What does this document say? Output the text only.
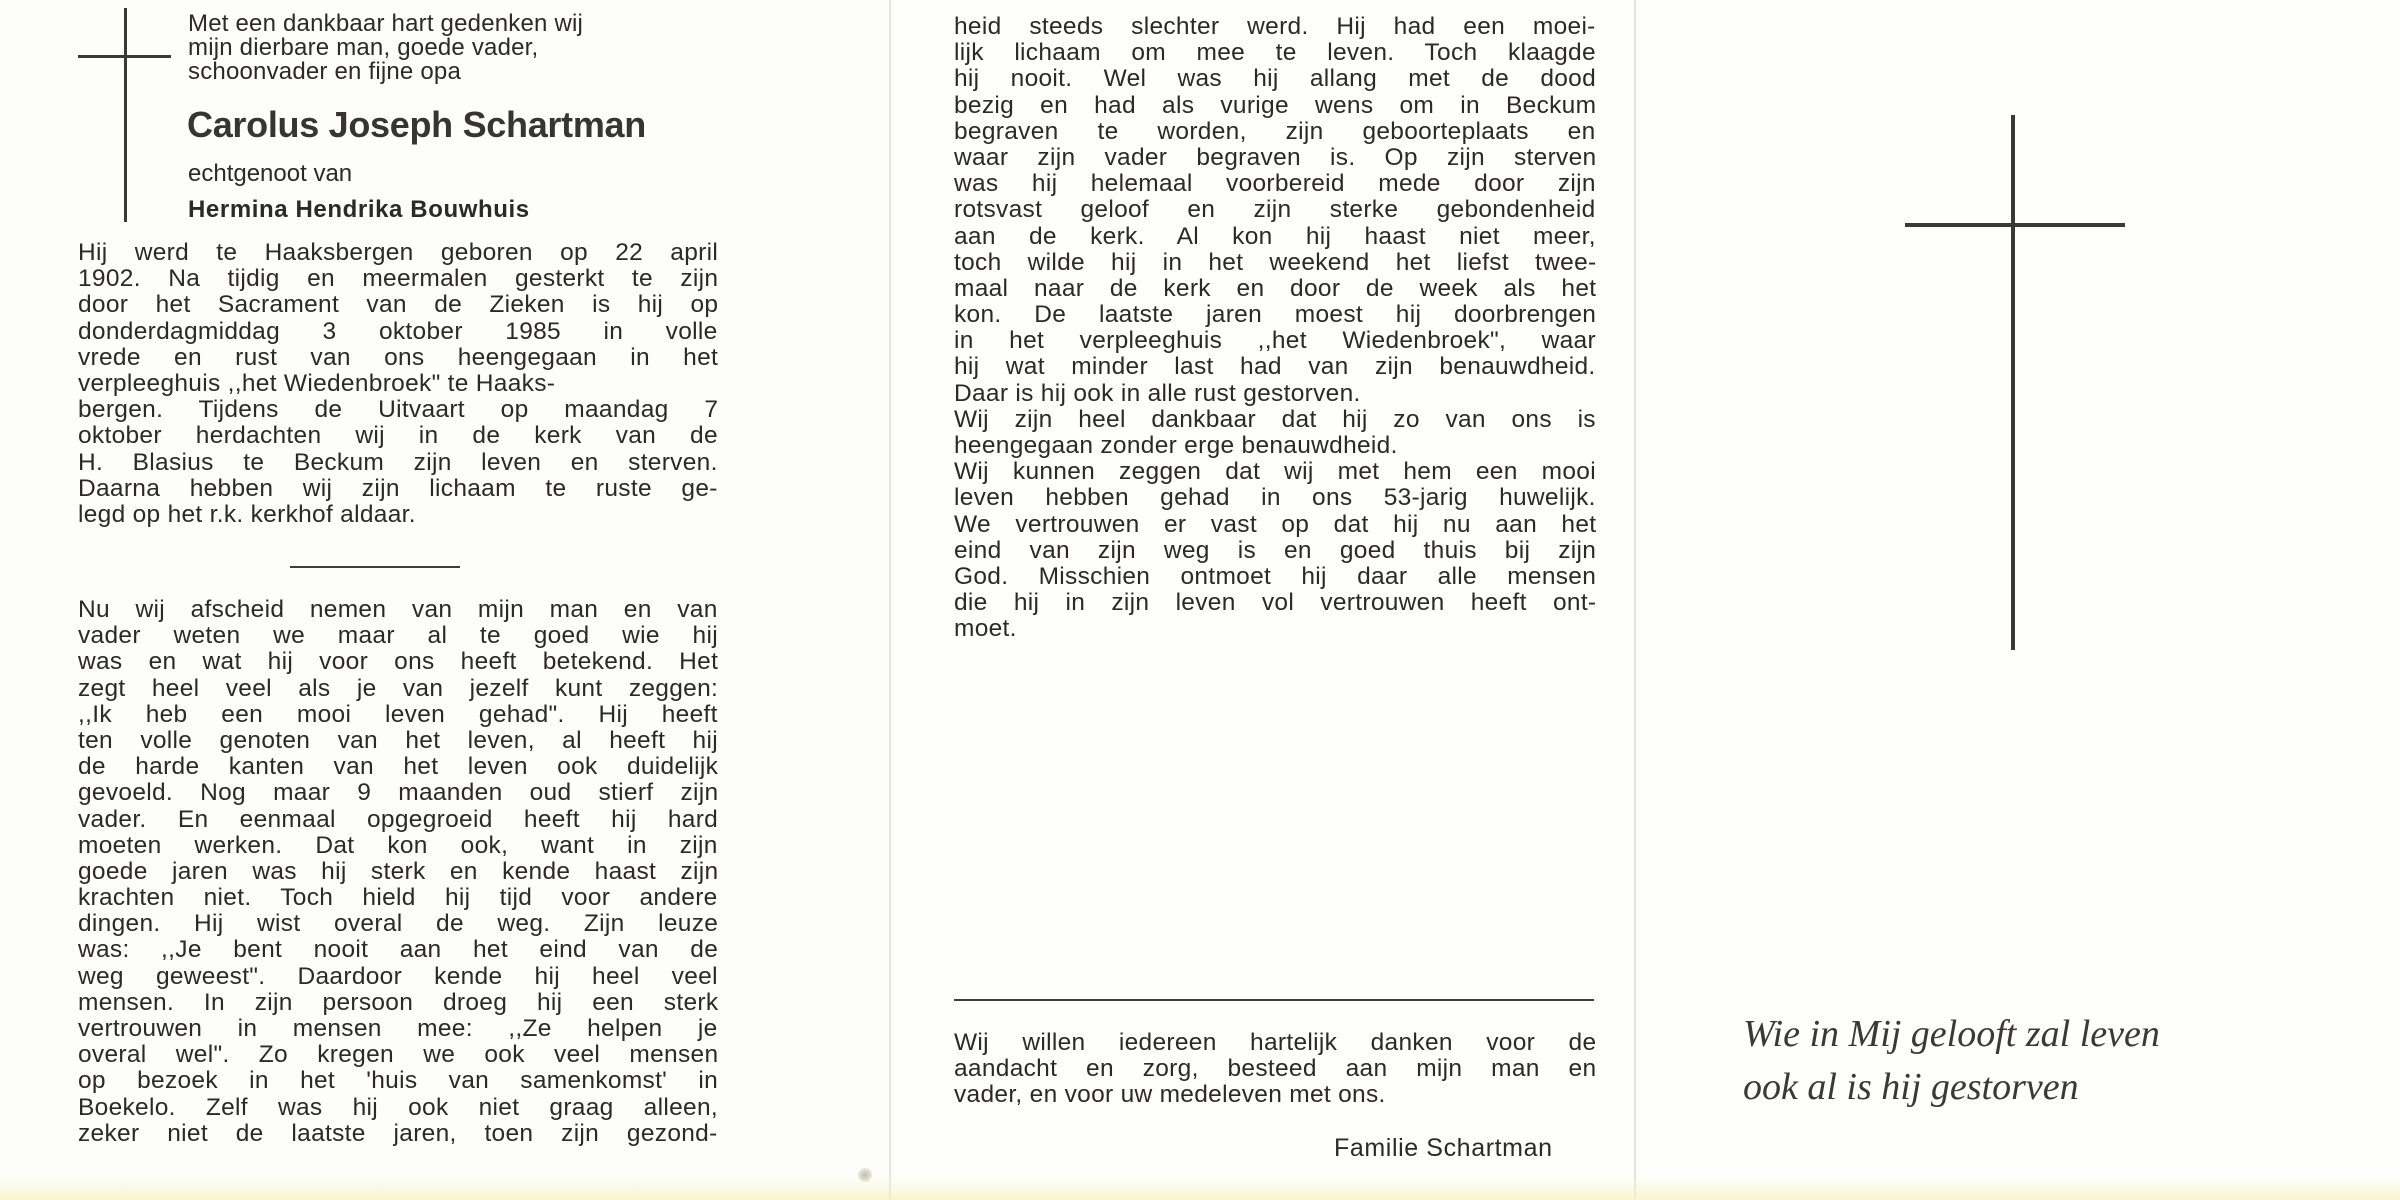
Met een dankbaar hart gedenken wij
mijn dierbare man, goede vader,
schoonvader en fijne opa
Carolus Joseph Schartman
echtgenoot van
Hermina Hendrika Bouwhuis
Hij werd te Haaksbergen geboren op 22 april
1902. Na tijdig en meermalen gesterkt te zijn
door het Sacrament van de Zieken is hij op
donderdagmiddag 3 oktober 1985 in volle
vrede en rust van ons heengegaan in het
verpleeghuis ,,het Wiedenbroek" te Haaks-
bergen. Tijdens de Uitvaart op maandag 7
oktober herdachten wij in de kerk van de
H. Blasius te Beckum zijn leven en sterven.
Daarna hebben wij zijn lichaam te ruste ge-
legd op het r.k. kerkhof aldaar.
Nu wij afscheid nemen van mijn man en van
vader weten we maar al te goed wie hij
was en wat hij voor ons heeft betekend. Het
zegt heel veel als je van jezelf kunt zeggen:
,,Ik heb een mooi leven gehad". Hij heeft
ten volle genoten van het leven, al heeft hij
de harde kanten van het leven ook duidelijk
gevoeld. Nog maar 9 maanden oud stierf zijn
vader. En eenmaal opgegroeid heeft hij hard
moeten werken. Dat kon ook, want in zijn
goede jaren was hij sterk en kende haast zijn
krachten niet. Toch hield hij tijd voor andere
dingen. Hij wist overal de weg. Zijn leuze
was: ,,Je bent nooit aan het eind van de
weg geweest". Daardoor kende hij heel veel
mensen. In zijn persoon droeg hij een sterk
vertrouwen in mensen mee: ,,Ze helpen je
overal wel". Zo kregen we ook veel mensen
op bezoek in het 'huis van samenkomst' in
Boekelo. Zelf was hij ook niet graag alleen,
zeker niet de laatste jaren, toen zijn gezond-
heid steeds slechter werd. Hij had een moei-
lijk lichaam om mee te leven. Toch klaagde
hij nooit. Wel was hij allang met de dood
bezig en had als vurige wens om in Beckum
begraven te worden, zijn geboorteplaats en
waar zijn vader begraven is. Op zijn sterven
was hij helemaal voorbereid mede door zijn
rotsvast geloof en zijn sterke gebondenheid
aan de kerk. Al kon hij haast niet meer,
toch wilde hij in het weekend het liefst twee-
maal naar de kerk en door de week als het
kon. De laatste jaren moest hij doorbrengen
in het verpleeghuis ,,het Wiedenbroek", waar
hij wat minder last had van zijn benauwdheid.
Daar is hij ook in alle rust gestorven.
Wij zijn heel dankbaar dat hij zo van ons is
heengegaan zonder erge benauwdheid.
Wij kunnen zeggen dat wij met hem een mooi
leven hebben gehad in ons 53-jarig huwelijk.
We vertrouwen er vast op dat hij nu aan het
eind van zijn weg is en goed thuis bij zijn
God. Misschien ontmoet hij daar alle mensen
die hij in zijn leven vol vertrouwen heeft ont-
moet.
Wij willen iedereen hartelijk danken voor de
aandacht en zorg, besteed aan mijn man en
vader, en voor uw medeleven met ons.
Familie Schartman
Wie in Mij gelooft zal leven
ook al is hij gestorven
